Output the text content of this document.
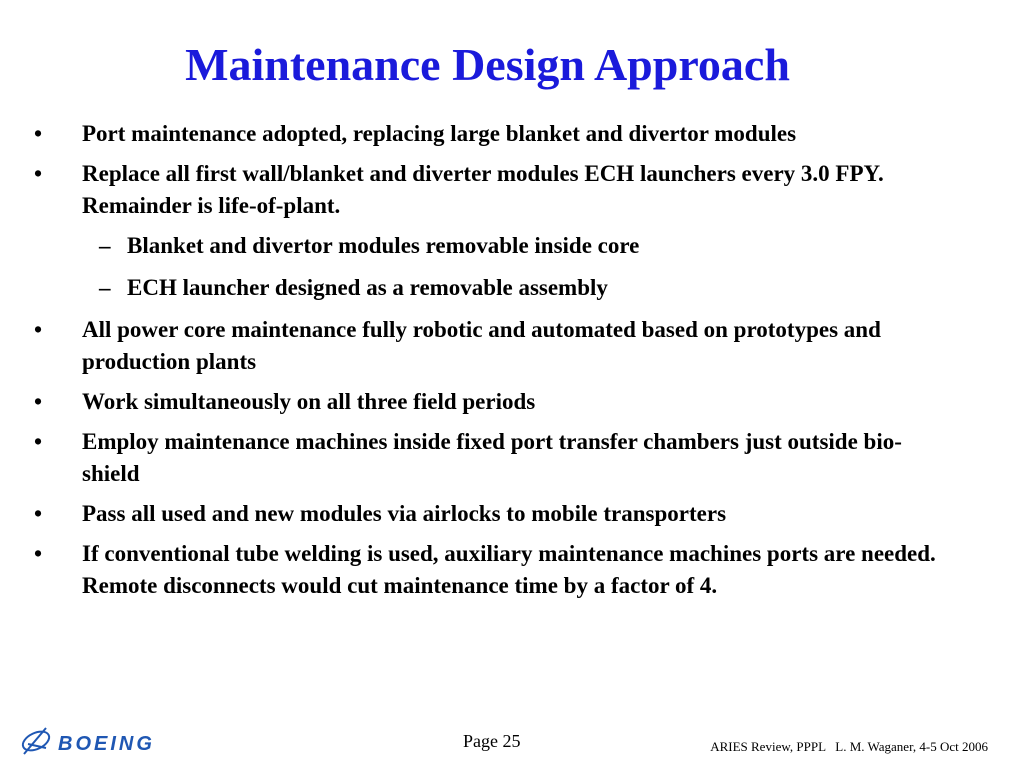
Maintenance Design Approach
• Port maintenance adopted, replacing large blanket and divertor modules
• Replace all first wall/blanket and diverter modules ECH launchers every 3.0 FPY. Remainder is life-of-plant.
– Blanket and divertor modules removable inside core
– ECH launcher designed as a removable assembly
• All power core maintenance fully robotic and automated based on prototypes and production plants
• Work simultaneously on all three field periods
• Employ maintenance machines inside fixed port transfer chambers just outside bio-shield
• Pass all used and new modules via airlocks to mobile transporters
• If conventional tube welding is used, auxiliary maintenance machines ports are needed. Remote disconnects would cut maintenance time by a factor of 4.
BOEING	Page 25	ARIES Review, PPPL   L. M. Waganer, 4-5 Oct 2006
